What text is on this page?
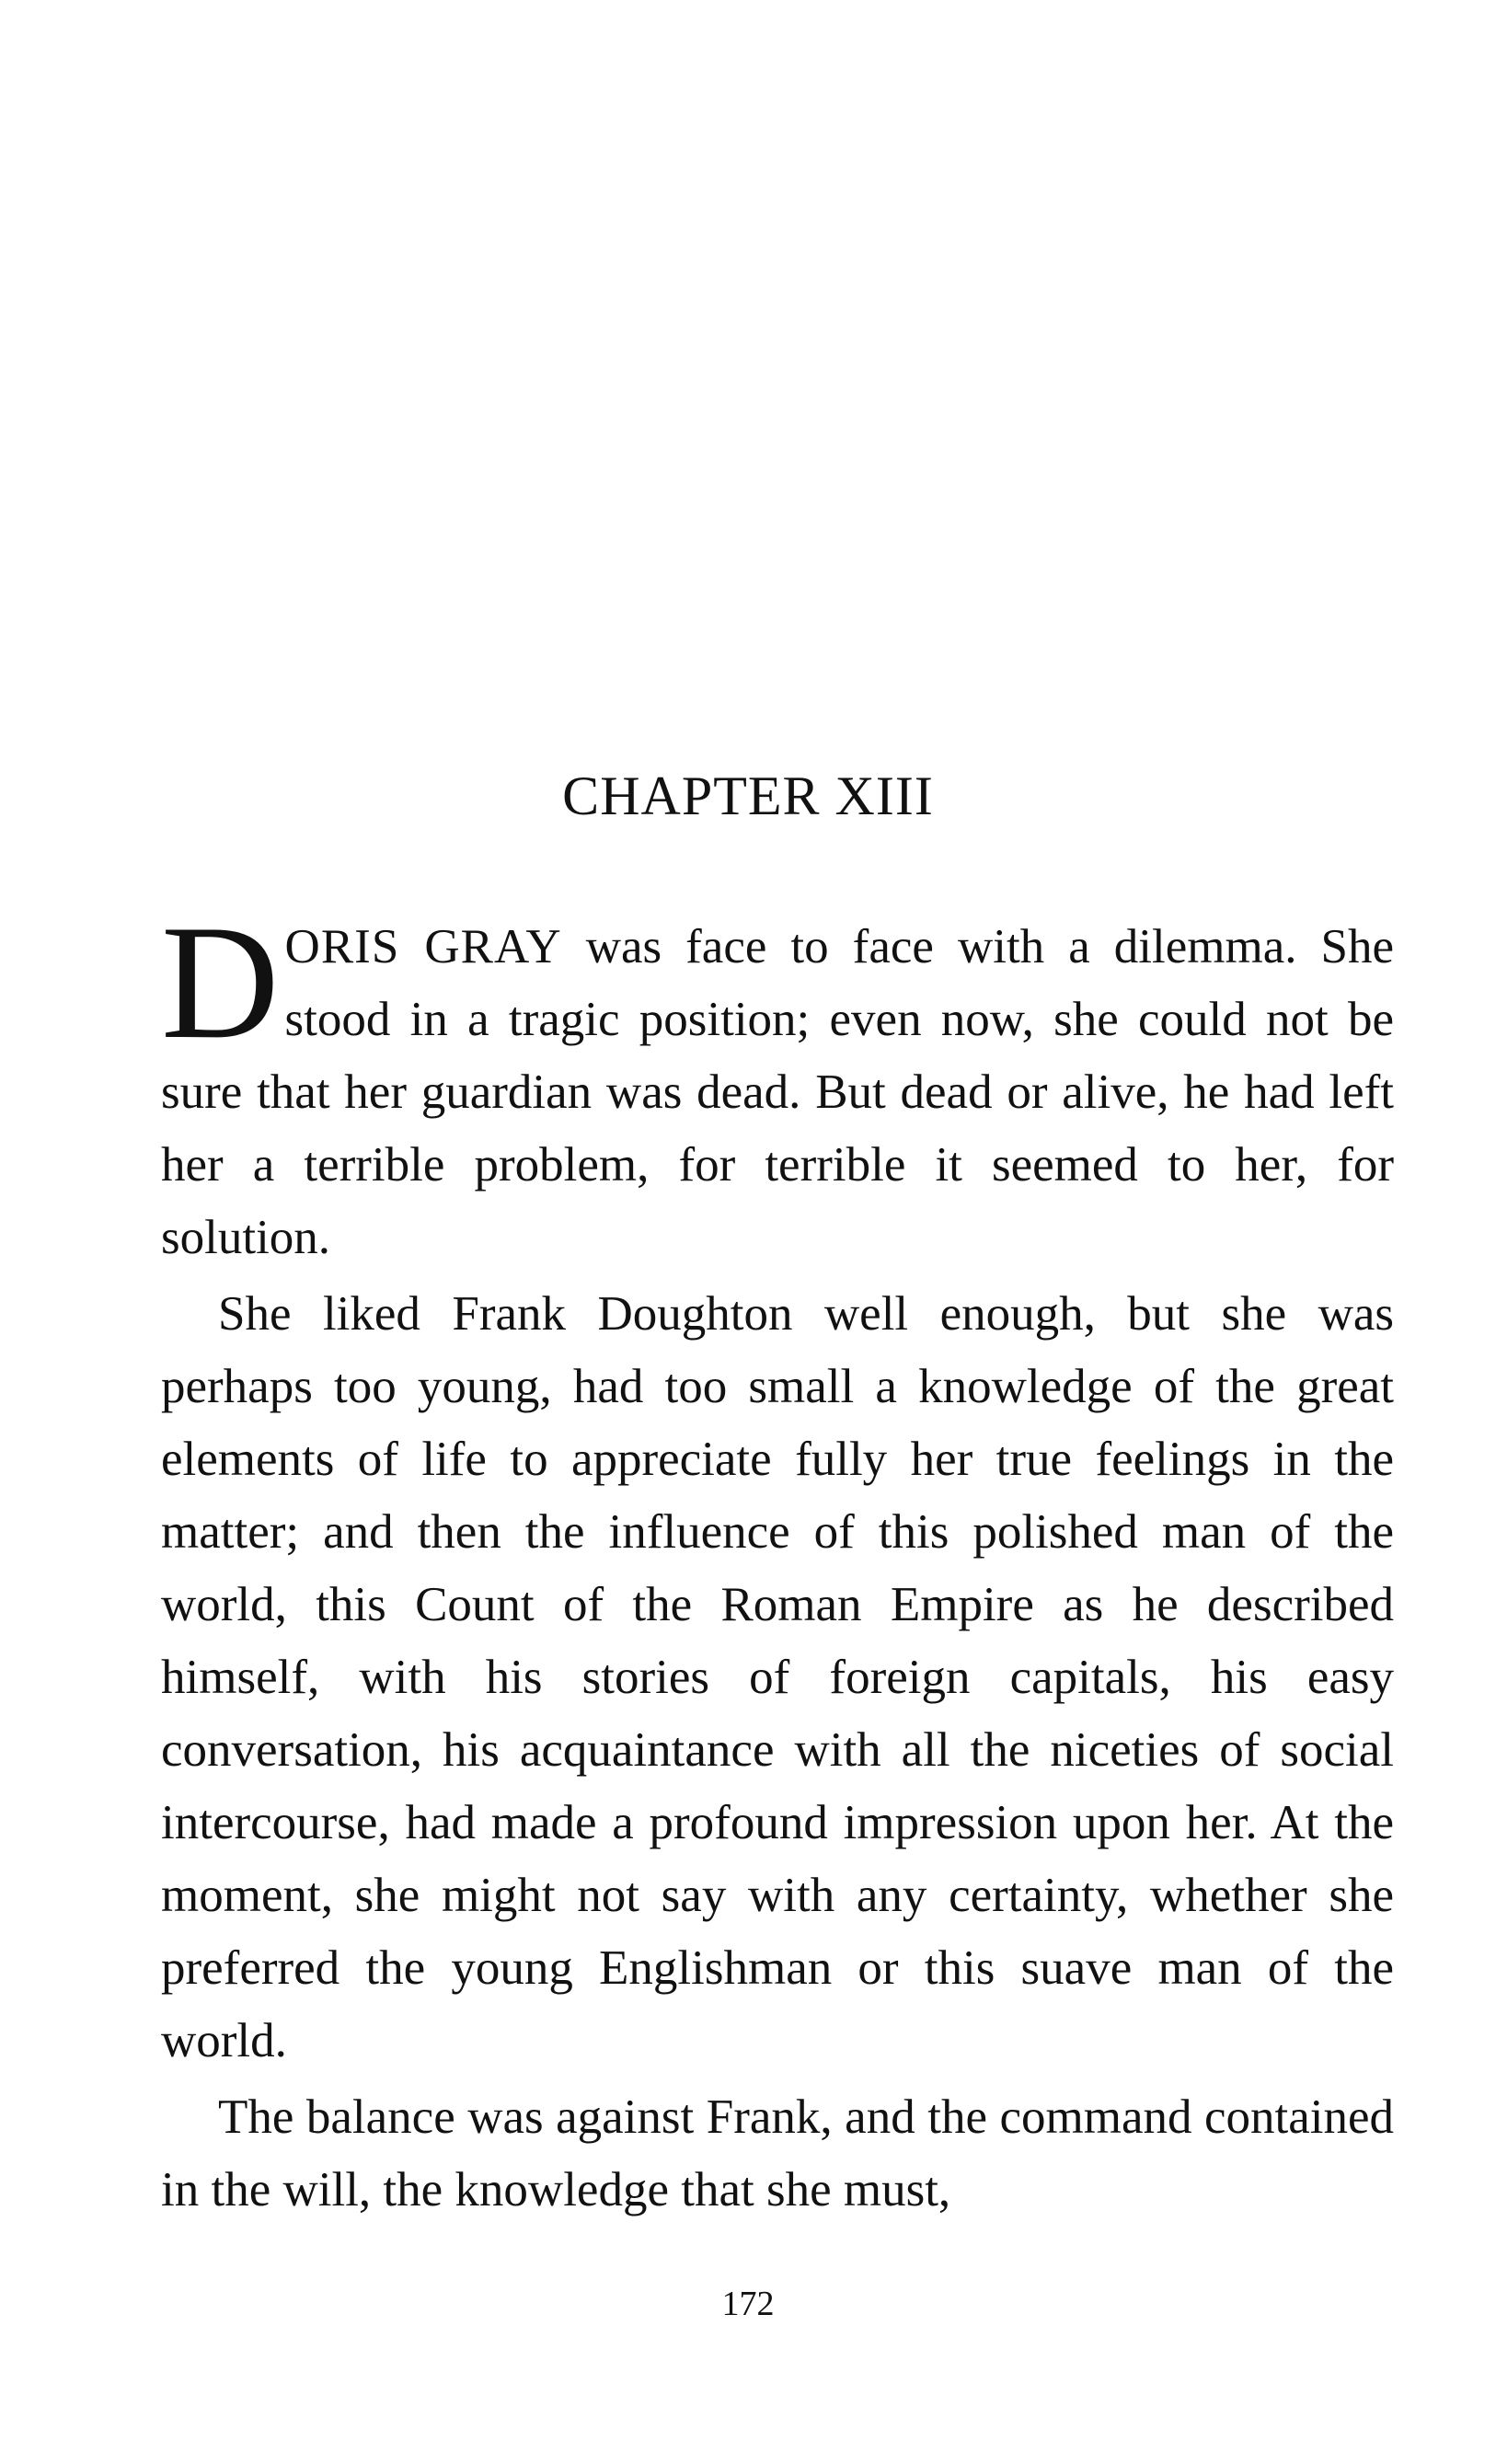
CHAPTER XIII

DORIS GRAY was face to face with a dilemma. She stood in a tragic position; even now, she could not be sure that her guardian was dead. But dead or alive, he had left her a terrible problem, for terrible it seemed to her, for solution.

She liked Frank Doughton well enough, but she was perhaps too young, had too small a knowledge of the great elements of life to appreciate fully her true feelings in the matter; and then the influence of this polished man of the world, this Count of the Roman Empire as he described himself, with his stories of foreign capitals, his easy conversation, his acquaintance with all the niceties of social intercourse, had made a profound impression upon her. At the moment, she might not say with any certainty, whether she preferred the young Englishman or this suave man of the world.

The balance was against Frank, and the command contained in the will, the knowledge that she must,

172
